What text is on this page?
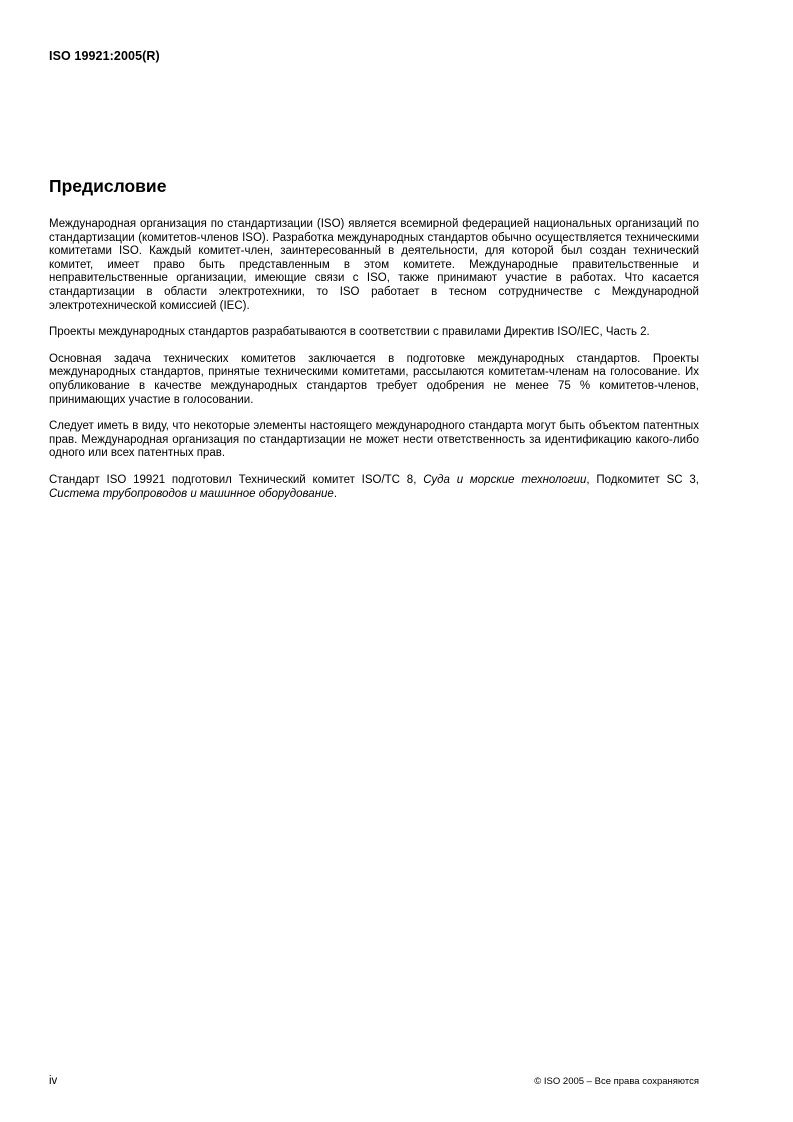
ISO 19921:2005(R)
Предисловие

Международная организация по стандартизации (ISO) является всемирной федерацией национальных организаций по стандартизации (комитетов-членов ISO). Разработка международных стандартов обычно осуществляется техническими комитетами ISO. Каждый комитет-член, заинтересованный в деятельности, для которой был создан технический комитет, имеет право быть представленным в этом комитете. Международные правительственные и неправительственные организации, имеющие связи с ISO, также принимают участие в работах. Что касается стандартизации в области электротехники, то ISO работает в тесном сотрудничестве с Международной электротехнической комиссией (IEC).

Проекты международных стандартов разрабатываются в соответствии с правилами Директив ISO/IEC, Часть 2.

Основная задача технических комитетов заключается в подготовке международных стандартов. Проекты международных стандартов, принятые техническими комитетами, рассылаются комитетам-членам на голосование. Их опубликование в качестве международных стандартов требует одобрения не менее 75 % комитетов-членов, принимающих участие в голосовании.

Следует иметь в виду, что некоторые элементы настоящего международного стандарта могут быть объектом патентных прав. Международная организация по стандартизации не может нести ответственность за идентификацию какого-либо одного или всех патентных прав.

Стандарт ISO 19921 подготовил Технический комитет ISO/TC 8, Суда и морские технологии, Подкомитет SC 3, Система трубопроводов и машинное оборудование.

iv	© ISO 2005 – Все права сохраняются
